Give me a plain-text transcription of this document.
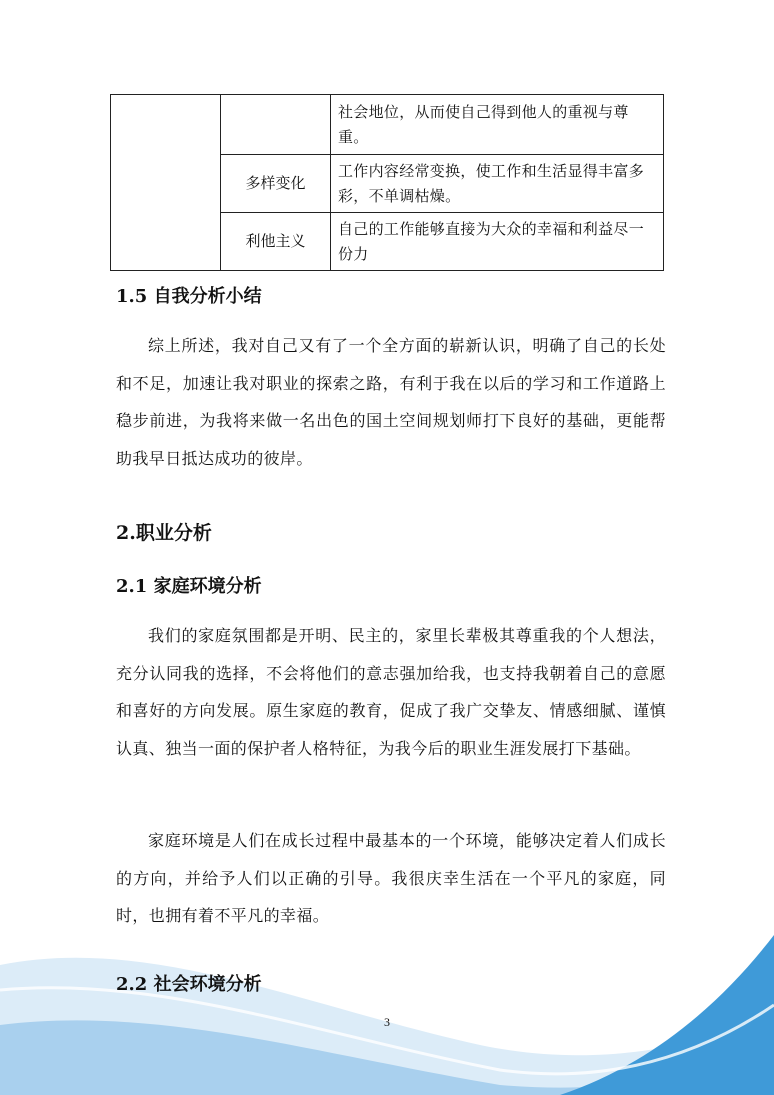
		社会地位，从而使自己得到他人的重视与尊重。
	多样变化	工作内容经常变换，使工作和生活显得丰富多彩，不单调枯燥。
	利他主义	自己的工作能够直接为大众的幸福和利益尽一份力
1.5 自我分析小结

综上所述，我对自己又有了一个全方面的崭新认识，明确了自己的长处和不足，加速让我对职业的探索之路，有利于我在以后的学习和工作道路上稳步前进，为我将来做一名出色的国土空间规划师打下良好的基础，更能帮助我早日抵达成功的彼岸。

2.职业分析
2.1 家庭环境分析

我们的家庭氛围都是开明、民主的，家里长辈极其尊重我的个人想法， 充分认同我的选择，不会将他们的意志强加给我，也支持我朝着自己的意愿和喜好的方向发展。原生家庭的教育，促成了我广交挚友、情感细腻、谨慎认真、独当一面的保护者人格特征，为我今后的职业生涯发展打下基础。

家庭环境是人们在成长过程中最基本的一个环境，能够决定着人们成长的方向，并给予人们以正确的引导。我很庆幸生活在一个平凡的家庭，同时，也拥有着不平凡的幸福。

2.2 社会环境分析
3
